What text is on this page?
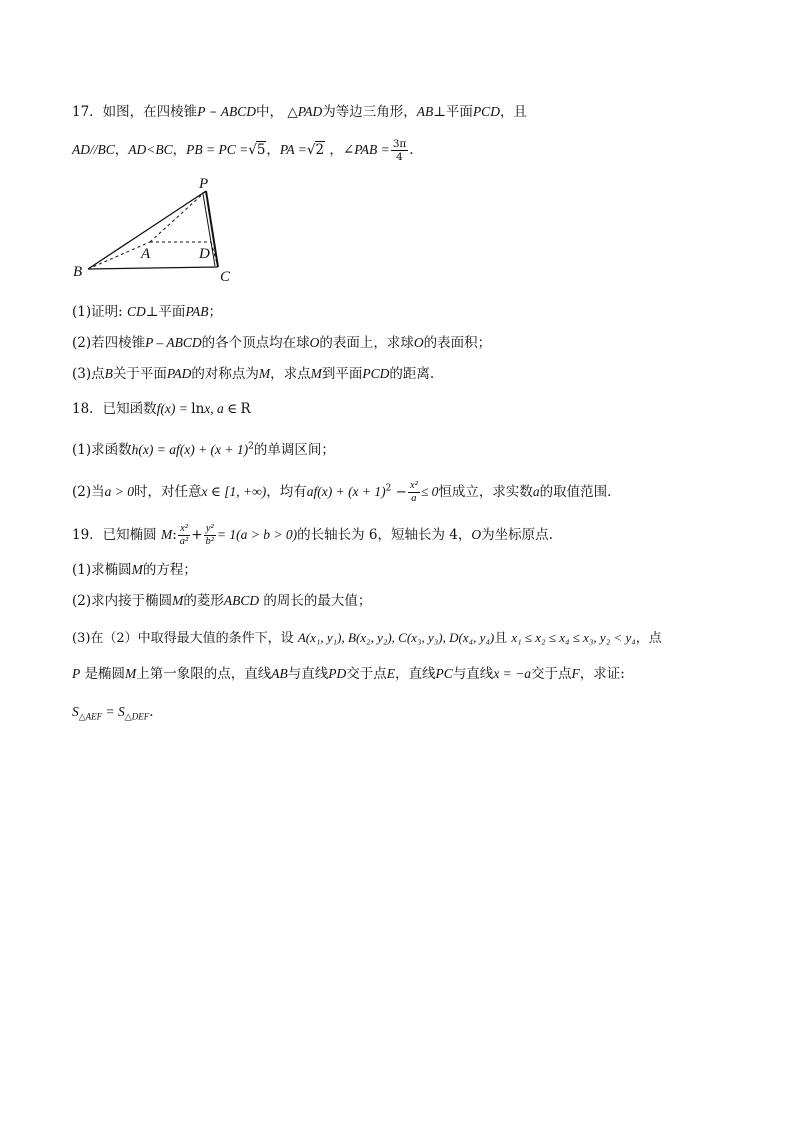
17．如图，在四棱锥P – ABCD中， △PAD为等边三角形，AB⊥平面PCD，且
AD//BC，AD<BC，PB = PC =√5，PA =√2 ，∠PAB = $\frac{3\pi}{4}$ .
P
A
B	C
D
(1)证明: CD⊥平面PAB；
(2)若四棱锥P – ABCD的各个顶点均在球O的表面上，求球O的表面积；
(3)点B关于平面PAD的对称点为M，求点M到平面PCD的距离.
18．已知函数f(x) = lnx, a ∈ R
(1)求函数$h(x) = af(x) + (x + 1)^2$的单调区间；
(2)当a > 0时，对任意x ∈ [1, +∞)，均有$af(x) + (x + 1)^2 - \frac{\text{x²}}{a} \le 0$恒成立，求实数a的取值范围.
19．已知椭圆 M: $\frac{\text{x²}}{\text{a²}} + \frac{\text{y²}}{\text{b²}} = 1(a > b > 0)$的长轴长为 6，短轴长为 4，O为坐标原点.
(1)求椭圆M的方程；
(2)求内接于椭圆M的菱形ABCD 的周长的最大值；
(3)在（2）中取得最大值的条件下，设 A(x₁, y₁), B(x₂, y₂), C(x₃, y₃), D(x₄, y₄)且 x₁ ≤ x₂ ≤ x₄ ≤ x₃, y₂ < y₄，点
P 是椭圆M上第一象限的点，直线AB与直线PD交于点E，直线PC与直线x = −a交于点F，求证:
$S_{\triangle AEF} = S_{\triangle DEF}$.
